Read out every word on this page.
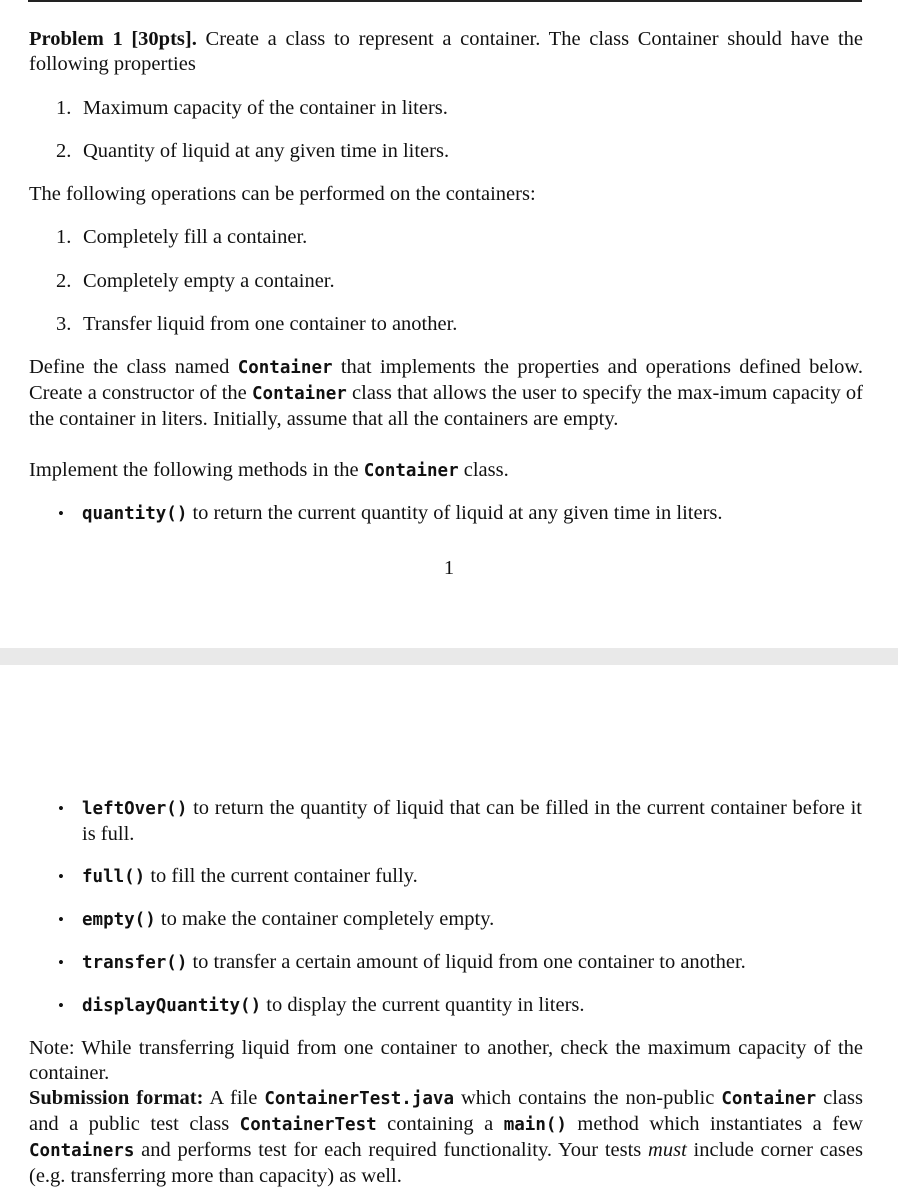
Problem 1 [30pts]. Create a class to represent a container. The class Container should have the following properties
1. Maximum capacity of the container in liters.
2. Quantity of liquid at any given time in liters.
The following operations can be performed on the containers:
1. Completely fill a container.
2. Completely empty a container.
3. Transfer liquid from one container to another.
Define the class named Container that implements the properties and operations defined below. Create a constructor of the Container class that allows the user to specify the max-imum capacity of the container in liters. Initially, assume that all the containers are empty.
Implement the following methods in the Container class.
• quantity() to return the current quantity of liquid at any given time in liters.
1
• leftOver() to return the quantity of liquid that can be filled in the current container before it is full.
• full() to fill the current container fully.
• empty() to make the container completely empty.
• transfer() to transfer a certain amount of liquid from one container to another.
• displayQuantity() to display the current quantity in liters.
Note: While transferring liquid from one container to another, check the maximum capacity of the container.
Submission format: A file ContainerTest.java which contains the non-public Container class and a public test class ContainerTest containing a main() method which instantiates a few Containers and performs test for each required functionality. Your tests must include corner cases (e.g. transferring more than capacity) as well.
